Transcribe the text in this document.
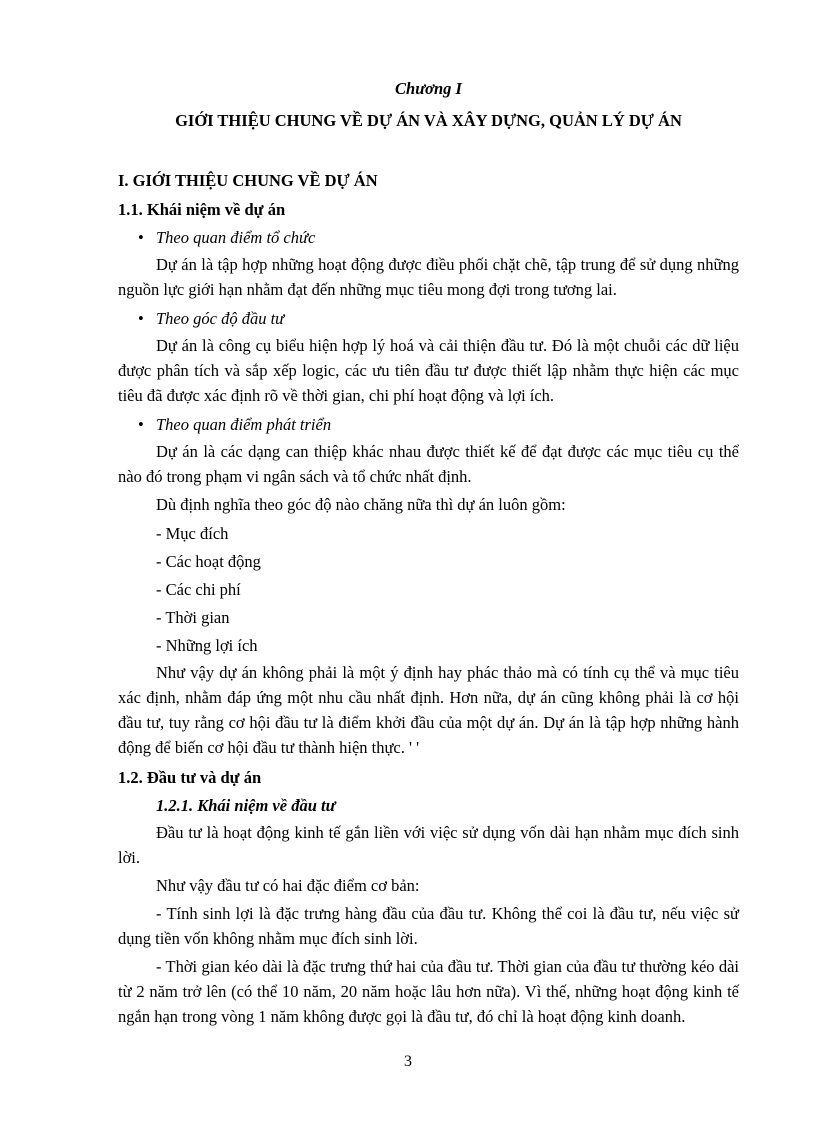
Chương I

GIỚI THIỆU CHUNG VỀ DỰ ÁN VÀ XÂY DỰNG, QUẢN LÝ DỰ ÁN

I. GIỚI THIỆU CHUNG VỀ DỰ ÁN

1.1. Khái niệm về dự án

• Theo quan điểm tổ chức

Dự án là tập hợp những hoạt động được điều phối chặt chẽ, tập trung để sử dụng những nguồn lực giới hạn nhằm đạt đến những mục tiêu mong đợi trong tương lai.

• Theo góc độ đầu tư

Dự án là công cụ biểu hiện hợp lý hoá và cải thiện đầu tư. Đó là một chuỗi các dữ liệu được phân tích và sắp xếp logic, các ưu tiên đầu tư được thiết lập nhằm thực hiện các mục tiêu đã được xác định rõ về thời gian, chi phí hoạt động và lợi ích.

• Theo quan điểm phát triển

Dự án là các dạng can thiệp khác nhau được thiết kế để đạt được các mục tiêu cụ thể nào đó trong phạm vi ngân sách và tổ chức nhất định.

Dù định nghĩa theo góc độ nào chăng nữa thì dự án luôn gồm:

- Mục đích

- Các hoạt động

- Các chi phí

- Thời gian

- Những lợi ích

Như vậy dự án không phải là một ý định hay phác thảo mà có tính cụ thể và mục tiêu xác định, nhằm đáp ứng một nhu cầu nhất định. Hơn nữa, dự án cũng không phải là cơ hội đầu tư, tuy rằng cơ hội đầu tư là điểm khởi đầu của một dự án. Dự án là tập hợp những hành động để biến cơ hội đầu tư thành hiện thực. ' '

1.2. Đầu tư và dự án

1.2.1. Khái niệm về đầu tư

Đầu tư là hoạt động kinh tế gắn liền với việc sử dụng vốn dài hạn nhằm mục đích sinh lời.

Như vậy đầu tư có hai đặc điểm cơ bản:

- Tính sinh lợi là đặc trưng hàng đầu của đầu tư. Không thể coi là đầu tư, nếu việc sử dụng tiền vốn không nhằm mục đích sinh lời.

- Thời gian kéo dài là đặc trưng thứ hai của đầu tư. Thời gian của đầu tư thường kéo dài từ 2 năm trở lên (có thể 10 năm, 20 năm hoặc lâu hơn nữa). Vì thế, những hoạt động kinh tế ngắn hạn trong vòng 1 năm không được gọi là đầu tư, đó chỉ là hoạt động kinh doanh.

3
